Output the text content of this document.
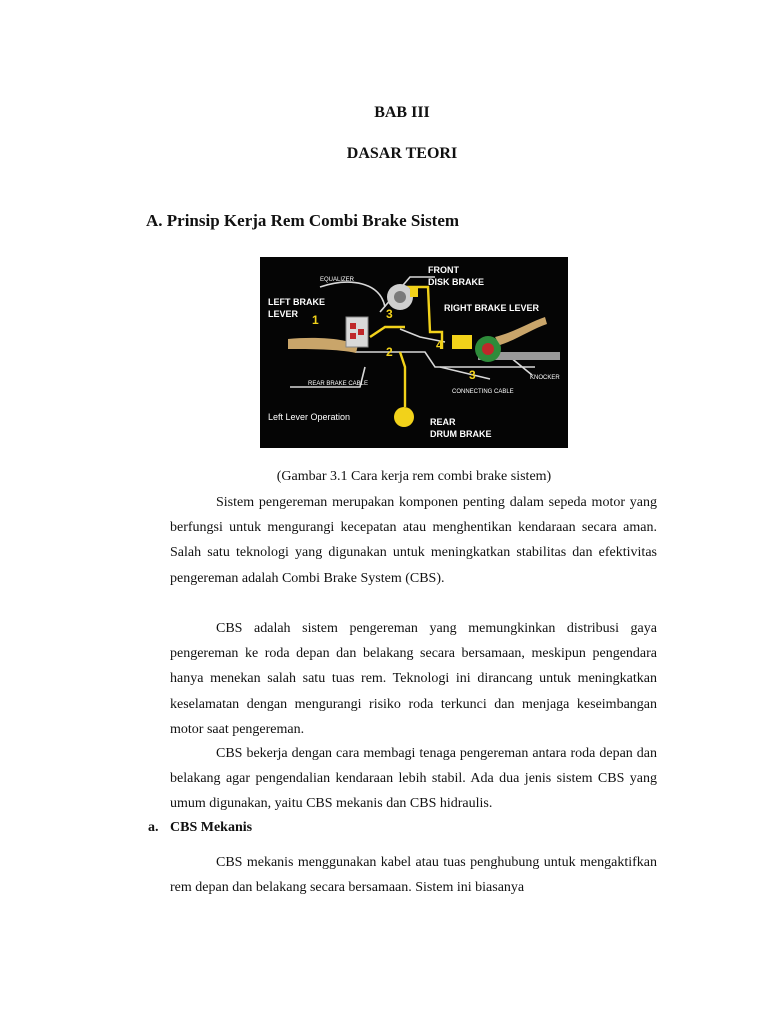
BAB III
DASAR TEORI
A. Prinsip Kerja Rem Combi Brake Sistem
EQUALIZER
FRONT
DISK BRAKE
LEFT BRAKE
LEVER
RIGHT BRAKE LEVER
REAR BRAKE CABLE
CONNECTING CABLE
KNOCKER
Left Lever Operation	REAR
DRUM BRAKE
1
2
3
3
4
(Gambar 3.1 Cara kerja rem combi brake sistem)

Sistem pengereman merupakan komponen penting dalam sepeda motor yang berfungsi untuk mengurangi kecepatan atau menghentikan kendaraan secara aman. Salah satu teknologi yang digunakan untuk meningkatkan stabilitas dan efektivitas pengereman adalah Combi Brake System (CBS).

CBS adalah sistem pengereman yang memungkinkan distribusi gaya pengereman ke roda depan dan belakang secara bersamaan, meskipun pengendara hanya menekan salah satu tuas rem. Teknologi ini dirancang untuk meningkatkan keselamatan dengan mengurangi risiko roda terkunci dan menjaga keseimbangan motor saat pengereman.

CBS bekerja dengan cara membagi tenaga pengereman antara roda depan dan belakang agar pengendalian kendaraan lebih stabil. Ada dua jenis sistem CBS yang umum digunakan, yaitu CBS mekanis dan CBS hidraulis.

a. CBS Mekanis

CBS mekanis menggunakan kabel atau tuas penghubung untuk mengaktifkan rem depan dan belakang secara bersamaan. Sistem ini biasanya
